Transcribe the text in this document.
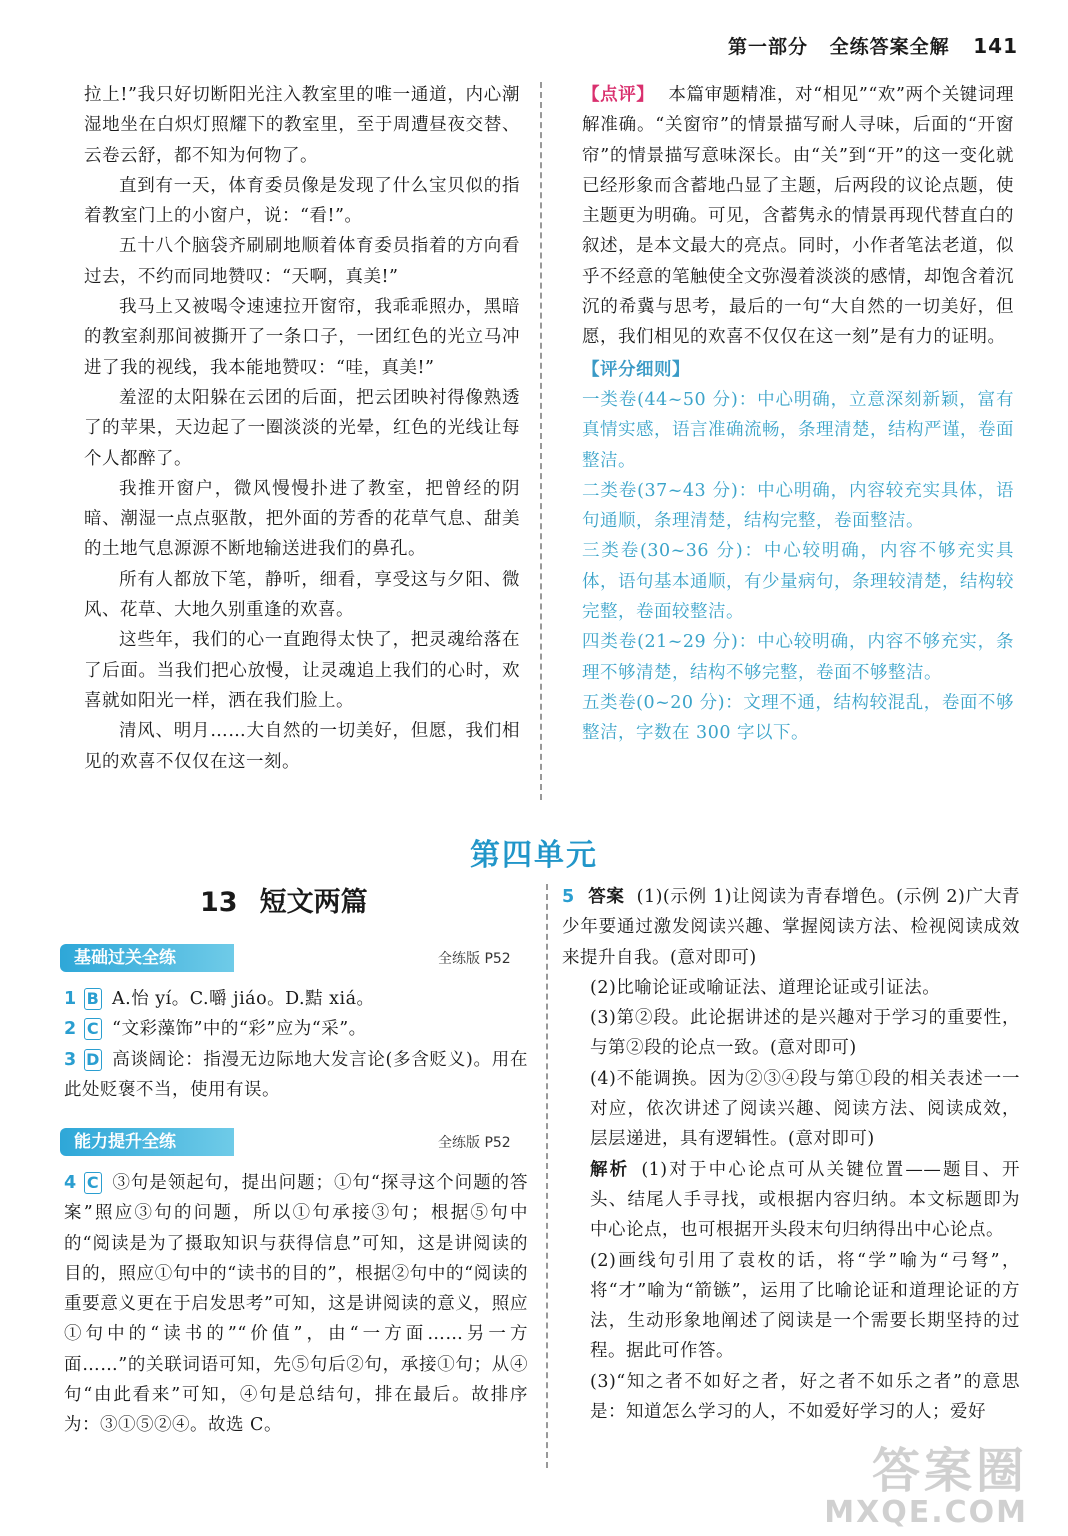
第一部分 全练答案全解 141

拉上!”我只好切断阳光注入教室里的唯一通道，内心潮湿地坐在白炽灯照耀下的教室里，至于周遭昼夜交替、云卷云舒，都不知为何物了。

直到有一天，体育委员像是发现了什么宝贝似的指着教室门上的小窗户，说：“看!”。

五十八个脑袋齐刷刷地顺着体育委员指着的方向看过去，不约而同地赞叹：“天啊，真美!”

我马上又被喝令速速拉开窗帘，我乖乖照办，黑暗的教室刹那间被撕开了一条口子，一团红色的光立马冲进了我的视线，我本能地赞叹：“哇，真美!”

羞涩的太阳躲在云团的后面，把云团映衬得像熟透了的苹果，天边起了一圈淡淡的光晕，红色的光线让每个人都醉了。

我推开窗户，微风慢慢扑进了教室，把曾经的阴暗、潮湿一点点驱散，把外面的芳香的花草气息、甜美的土地气息源源不断地输送进我们的鼻孔。

所有人都放下笔，静听，细看，享受这与夕阳、微风、花草、大地久别重逢的欢喜。

这些年，我们的心一直跑得太快了，把灵魂给落在了后面。当我们把心放慢，让灵魂追上我们的心时，欢喜就如阳光一样，洒在我们脸上。

清风、明月……大自然的一切美好，但愿，我们相见的欢喜不仅仅在这一刻。

【点评】 本篇审题精准，对“相见”“欢”两个关键词理解准确。“关窗帘”的情景描写耐人寻味，后面的“开窗帘”的情景描写意味深长。由“关”到“开”的这一变化就已经形象而含蓄地凸显了主题，后两段的议论点题，使主题更为明确。可见，含蓄隽永的情景再现代替直白的叙述，是本文最大的亮点。同时，小作者笔法老道，似乎不经意的笔触使全文弥漫着淡淡的感情，却饱含着沉沉的希冀与思考，最后的一句“大自然的一切美好，但愿，我们相见的欢喜不仅仅在这一刻”是有力的证明。

【评分细则】

一类卷(44~50 分)：中心明确，立意深刻新颖，富有真情实感，语言准确流畅，条理清楚，结构严谨，卷面整洁。

二类卷(37~43 分)：中心明确，内容较充实具体，语句通顺，条理清楚，结构完整，卷面整洁。

三类卷(30~36 分)：中心较明确，内容不够充实具体，语句基本通顺，有少量病句，条理较清楚，结构较完整，卷面较整洁。

四类卷(21~29 分)：中心较明确，内容不够充实，条理不够清楚，结构不够完整，卷面不够整洁。

五类卷(0~20 分)：文理不通，结构较混乱，卷面不够整洁，字数在 300 字以下。

第四单元
13 短文两篇
基础过关全练	全练版 P52

1 B A.怡 yí。C.嚼 jiáo。D.黠 xiá。

2 C “文彩藻饰”中的“彩”应为“采”。

3 D 高谈阔论：指漫无边际地大发言论(多含贬义)。用在此处贬褒不当，使用有误。

能力提升全练	全练版 P52

4 C ③句是领起句，提出问题；①句“探寻这个问题的答案”照应③句的问题，所以①句承接③句；根据⑤句中的“阅读是为了摄取知识与获得信息”可知，这是讲阅读的目的，照应①句中的“读书的目的”，根据②句中的“阅读的重要意义更在于启发思考”可知，这是讲阅读的意义，照应①句中的“读书的”“价值”，由“一方面……另一方面……”的关联词语可知，先⑤句后②句，承接①句；从④句“由此看来”可知，④句是总结句，排在最后。故排序为：③①⑤②④。故选 C。

5 答案 (1)(示例 1)让阅读为青春增色。(示例 2)广大青少年要通过激发阅读兴趣、掌握阅读方法、检视阅读成效来提升自我。(意对即可)

(2)比喻论证或喻证法、道理论证或引证法。

(3)第②段。此论据讲述的是兴趣对于学习的重要性，与第②段的论点一致。(意对即可)

(4)不能调换。因为②③④段与第①段的相关表述一一对应，依次讲述了阅读兴趣、阅读方法、阅读成效，层层递进，具有逻辑性。(意对即可)

解析 (1)对于中心论点可从关键位置——题目、开头、结尾人手寻找，或根据内容归纳。本文标题即为中心论点，也可根据开头段末句归纳得出中心论点。

(2)画线句引用了袁枚的话，将“学”喻为“弓弩”，将“才”喻为“箭镞”，运用了比喻论证和道理论证的方法，生动形象地阐述了阅读是一个需要长期坚持的过程。据此可作答。

(3)“知之者不如好之者，好之者不如乐之者”的意思是：知道怎么学习的人，不如爱好学习的人；爱好

答案圈
MXQE.COM
